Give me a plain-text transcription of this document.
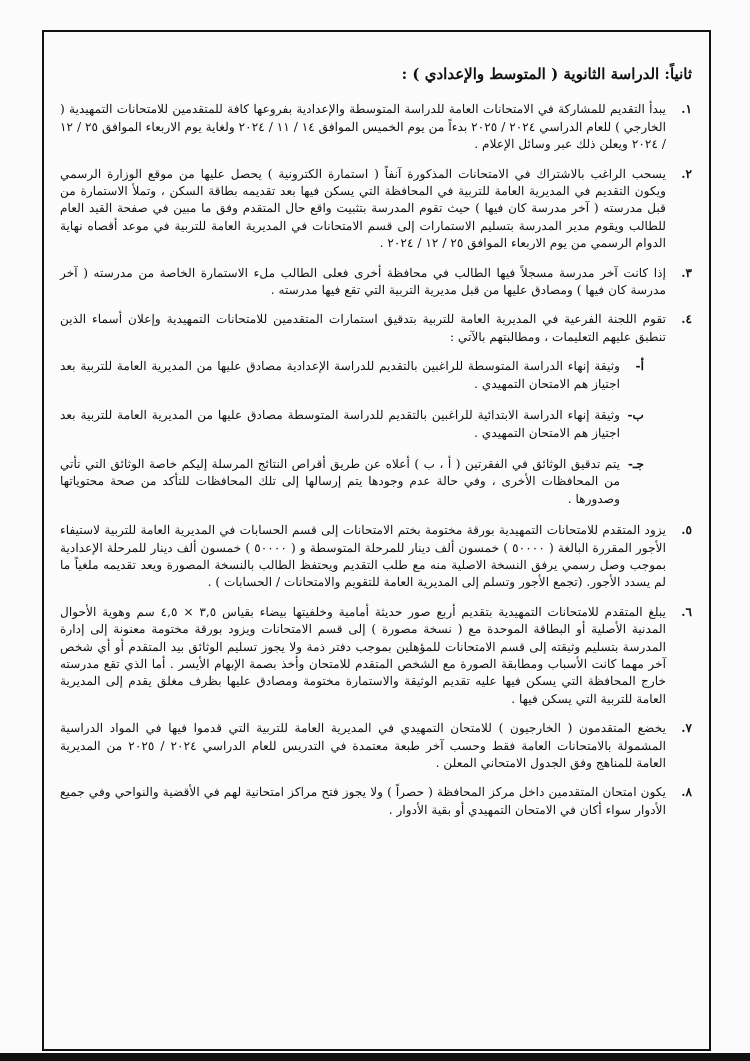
ثانياً: الدراسة الثانوية ( المتوسط والإعدادي ) :
١.
يبدأ التقديم للمشاركة في الامتحانات العامة للدراسة المتوسطة والإعدادية بفروعها كافة للمتقدمين للامتحانات التمهيدية ( الخارجي ) للعام الدراسي ٢٠٢٤ / ٢٠٢٥ بدءاً من يوم الخميس الموافق ١٤ / ١١ / ٢٠٢٤ ولغاية يوم الاربعاء الموافق ٢٥ / ١٢ / ٢٠٢٤ ويعلن ذلك عبر وسائل الإعلام .
٢.
يسحب الراغب بالاشتراك في الامتحانات المذكورة آنفاً ( استمارة الكترونية ) يحصل عليها من موقع الوزارة الرسمي ويكون التقديم في المديرية العامة للتربية في المحافظة التي يسكن فيها بعد تقديمه بطاقة السكن ، وتملأ الاستمارة من قبل مدرسته ( آخر مدرسة كان فيها ) حيث تقوم المدرسة بتثبيت واقع حال المتقدم وفق ما مبين في صفحة القيد العام للطالب ويقوم مدير المدرسة بتسليم الاستمارات إلى قسم الامتحانات في المديرية العامة للتربية في موعد أقصاه نهاية الدوام الرسمي من يوم الاربعاء الموافق ٢٥ / ١٢ / ٢٠٢٤ .
٣.
إذا كانت آخر مدرسة مسجلاً فيها الطالب في محافظة أخرى فعلى الطالب ملء الاستمارة الخاصة من مدرسته ( آخر مدرسة كان فيها ) ومصادق عليها من قبل مديرية التربية التي تقع فيها مدرسته .
٤.
تقوم اللجنة الفرعية في المديرية العامة للتربية بتدقيق استمارات المتقدمين للامتحانات التمهيدية وإعلان أسماء الذين تنطبق عليهم التعليمات ، ومطالبتهم بالآتي :
أ-
وثيقة إنهاء الدراسة المتوسطة للراغبين بالتقديم للدراسة الإعدادية مصادق عليها من المديرية العامة للتربية بعد اجتياز هم الامتحان التمهيدي .
ب-
وثيقة إنهاء الدراسة الابتدائية للراغبين بالتقديم للدراسة المتوسطة مصادق عليها من المديرية العامة للتربية بعد اجتياز هم الامتحان التمهيدي .
جـ-
يتم تدقيق الوثائق في الفقرتين ( أ ، ب ) أعلاه عن طريق أقراص النتائج المرسلة إليكم خاصة الوثائق التي تأتي من المحافظات الأخرى ، وفي حالة عدم وجودها يتم إرسالها إلى تلك المحافظات للتأكد من صحة محتوياتها وصدورها .
٥.
يزود المتقدم للامتحانات التمهيدية بورقة مختومة بختم الامتحانات إلى قسم الحسابات في المديرية العامة للتربية لاستيفاء الأجور المقررة البالغة ( ٥٠٠٠٠ ) خمسون ألف دينار للمرحلة المتوسطة و ( ٥٠٠٠٠ ) خمسون ألف دينار للمرحلة الإعدادية بموجب وصل رسمي يرفق النسخة الاصلية منه مع طلب التقديم ويحتفظ الطالب بالنسخة المصورة ويعد تقديمه ملغياً ما لم يسدد الأجور. (تجمع الأجور وتسلم إلى المديرية العامة للتقويم والامتحانات / الحسابات ) .
٦.
يبلغ المتقدم للامتحانات التمهيدية بتقديم أربع صور حديثة أمامية وخلفيتها بيضاء بقياس ٣,٥ × ٤,٥ سم وهوية الأحوال المدنية الأصلية أو البطاقة الموحدة مع ( نسخة مصورة ) إلى قسم الامتحانات ويزود بورقة مختومة معنونة إلى إدارة المدرسة بتسليم وثيقته إلى قسم الامتحانات للمؤهلين بموجب دفتر ذمة ولا يجوز تسليم الوثائق بيد المتقدم أو أي شخص آخر مهما كانت الأسباب ومطابقة الصورة مع الشخص المتقدم للامتحان وأخذ بصمة الإبهام الأيسر . أما الذي تقع مدرسته خارج المحافظة التي يسكن فيها عليه تقديم الوثيقة والاستمارة مختومة ومصادق عليها بظرف مغلق يقدم إلى المديرية العامة للتربية التي يسكن فيها .
٧.
يخضع المتقدمون ( الخارجيون ) للامتحان التمهيدي في المديرية العامة للتربية التي قدموا فيها في المواد الدراسية المشمولة بالامتحانات العامة فقط وحسب آخر طبعة معتمدة في التدريس للعام الدراسي ٢٠٢٤ / ٢٠٢٥ من المديرية العامة للمناهج وفق الجدول الامتحاني المعلن .
٨.
يكون امتحان المتقدمين داخل مركز المحافظة ( حصراً ) ولا يجوز فتح مراكز امتحانية لهم في الأقضية والنواحي وفي جميع الأدوار سواء أكان في الامتحان التمهيدي أو بقية الأدوار .
